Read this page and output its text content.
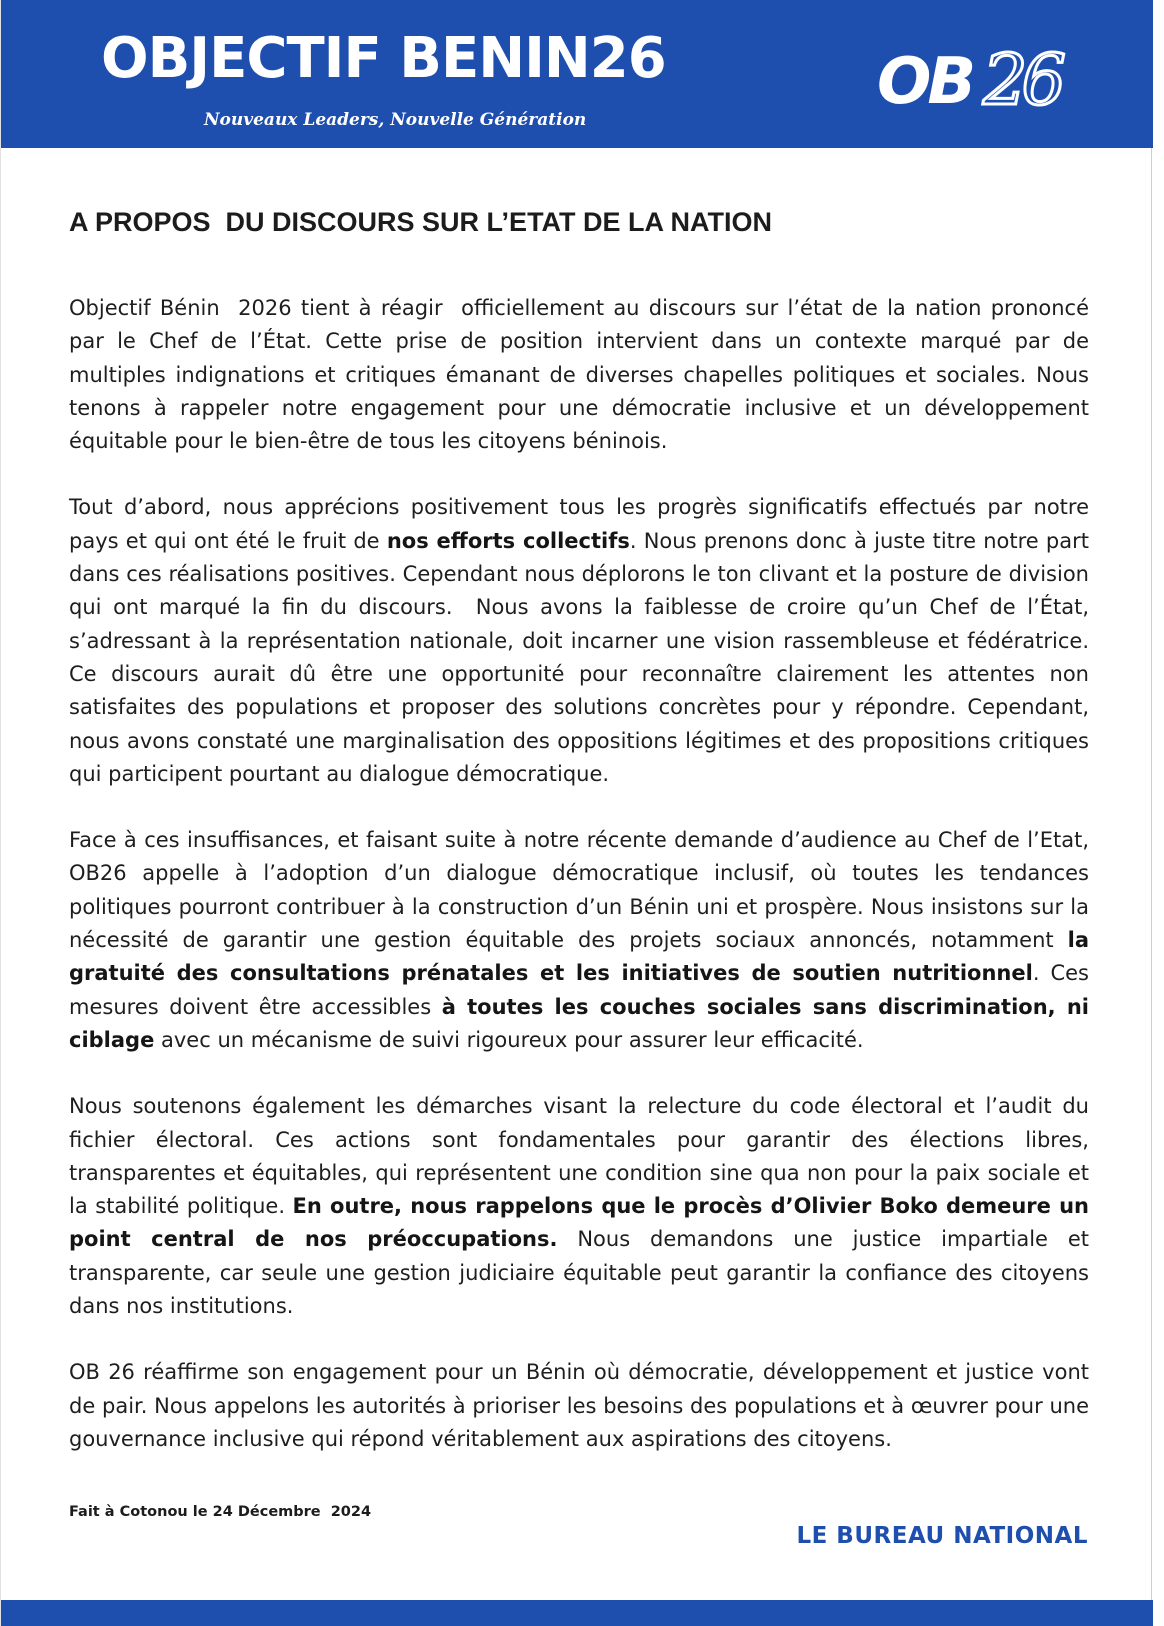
OBJECTIF BENIN26
Nouveaux Leaders, Nouvelle Génération
OB 26
A PROPOS  DU DISCOURS SUR L’ETAT DE LA NATION

Objectif Bénin  2026 tient à réagir  officiellement au discours sur l’état de la nation prononcé par le Chef de l’État. Cette prise de position intervient dans un contexte marqué par de multiples indignations et critiques émanant de diverses chapelles politiques et sociales. Nous tenons à rappeler notre engagement pour une démocratie inclusive et un développement équitable pour le bien-être de tous les citoyens béninois.

Tout d’abord, nous apprécions positivement tous les progrès significatifs effectués par notre pays et qui ont été le fruit de nos efforts collectifs. Nous prenons donc à juste titre notre part dans ces réalisations positives. Cependant nous déplorons le ton clivant et la posture de division qui ont marqué la fin du discours.  Nous avons la faiblesse de croire qu’un Chef de l’État, s’adressant à la représentation nationale, doit incarner une vision rassembleuse et fédératrice. Ce discours aurait dû être une opportunité pour reconnaître clairement les attentes non satisfaites des populations et proposer des solutions concrètes pour y répondre. Cependant, nous avons constaté une marginalisation des oppositions légitimes et des propositions critiques qui participent pourtant au dialogue démocratique.

Face à ces insuffisances, et faisant suite à notre récente demande d’audience au Chef de l’Etat, OB26 appelle à l’adoption d’un dialogue démocratique inclusif, où toutes les tendances politiques pourront contribuer à la construction d’un Bénin uni et prospère. Nous insistons sur la nécessité de garantir une gestion équitable des projets sociaux annoncés, notamment la gratuité des consultations prénatales et les initiatives de soutien nutritionnel. Ces mesures doivent être accessibles à toutes les couches sociales sans discrimination, ni ciblage avec un mécanisme de suivi rigoureux pour assurer leur efficacité.

Nous soutenons également les démarches visant la relecture du code électoral et l’audit du fichier électoral. Ces actions sont fondamentales pour garantir des élections libres, transparentes et équitables, qui représentent une condition sine qua non pour la paix sociale et la stabilité politique. En outre, nous rappelons que le procès d’Olivier Boko demeure un point central de nos préoccupations. Nous demandons une justice impartiale et transparente, car seule une gestion judiciaire équitable peut garantir la confiance des citoyens dans nos institutions.

OB 26 réaffirme son engagement pour un Bénin où démocratie, développement et justice vont de pair. Nous appelons les autorités à prioriser les besoins des populations et à œuvrer pour une gouvernance inclusive qui répond véritablement aux aspirations des citoyens.

Fait à Cotonou le 24 Décembre  2024
LE BUREAU NATIONAL
